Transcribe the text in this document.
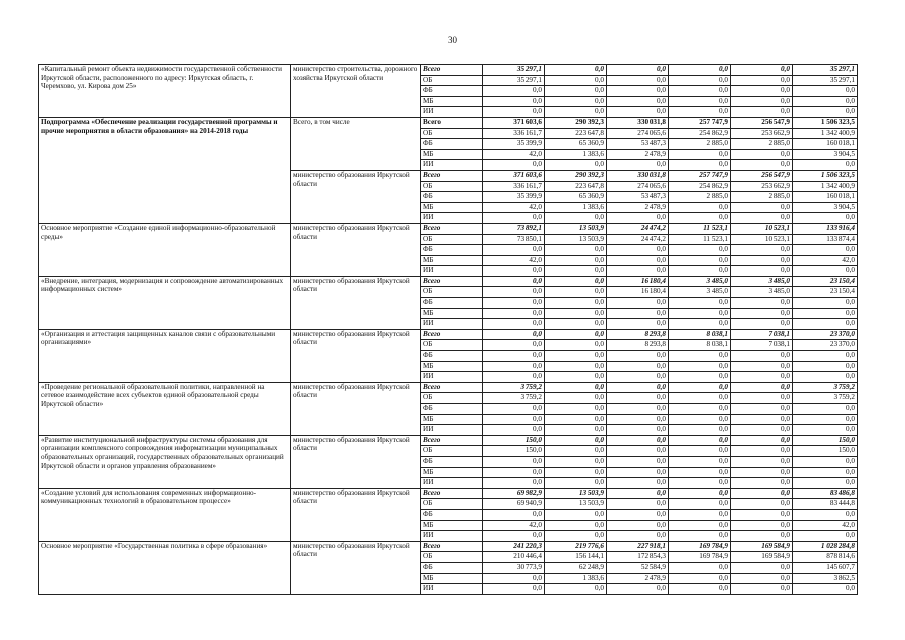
30
«Капитальный ремонт объекта недвижимости государственной собственности Иркутской области, расположенного по адресу: Иркутская область, г. Черемхово, ул. Кирова дом 25»	министерство строительства, дорожного хозяйства Иркутской области	Всего	35 297,1	0,0	0,0	0,0	0,0	35 297,1
		ОБ	35 297,1	0,0	0,0	0,0	0,0	35 297,1
		ФБ	0,0	0,0	0,0	0,0	0,0	0,0
		МБ	0,0	0,0	0,0	0,0	0,0	0,0
		ИИ	0,0	0,0	0,0	0,0	0,0	0,0
Подпрограмма «Обеспечение реализации государственной программы и прочие мероприятия в области образования» на 2014-2018 годы	Всего, в том числе	Всего	371 603,6	290 392,3	330 031,8	257 747,9	256 547,9	1 506 323,5
		ОБ	336 161,7	223 647,8	274 065,6	254 862,9	253 662,9	1 342 400,9
		ФБ	35 399,9	65 360,9	53 487,3	2 885,0	2 885,0	160 018,1
		МБ	42,0	1 383,6	2 478,9	0,0	0,0	3 904,5
		ИИ	0,0	0,0	0,0	0,0	0,0	0,0
	министерство образования Иркутской области	Всего	371 603,6	290 392,3	330 031,8	257 747,9	256 547,9	1 506 323,5
		ОБ	336 161,7	223 647,8	274 065,6	254 862,9	253 662,9	1 342 400,9
		ФБ	35 399,9	65 360,9	53 487,3	2 885,0	2 885,0	160 018,1
		МБ	42,0	1 383,6	2 478,9	0,0	0,0	3 904,5
		ИИ	0,0	0,0	0,0	0,0	0,0	0,0
Основное мероприятие «Создание единой информационно-образовательной среды»	министерство образования Иркутской области	Всего	73 892,1	13 503,9	24 474,2	11 523,1	10 523,1	133 916,4
		ОБ	73 850,1	13 503,9	24 474,2	11 523,1	10 523,1	133 874,4
		ФБ	0,0	0,0	0,0	0,0	0,0	0,0
		МБ	42,0	0,0	0,0	0,0	0,0	42,0
		ИИ	0,0	0,0	0,0	0,0	0,0	0,0
«Внедрение, интеграция, модернизация и сопровождение автоматизированных информационных систем»	министерство образования Иркутской области	Всего	0,0	0,0	16 180,4	3 485,0	3 485,0	23 150,4
		ОБ	0,0	0,0	16 180,4	3 485,0	3 485,0	23 150,4
		ФБ	0,0	0,0	0,0	0,0	0,0	0,0
		МБ	0,0	0,0	0,0	0,0	0,0	0,0
		ИИ	0,0	0,0	0,0	0,0	0,0	0,0
«Организация и аттестация защищенных каналов связи с образовательными организациями»	министерство образования Иркутской области	Всего	0,0	0,0	8 293,8	8 038,1	7 038,1	23 370,0
		ОБ	0,0	0,0	8 293,8	8 038,1	7 038,1	23 370,0
		ФБ	0,0	0,0	0,0	0,0	0,0	0,0
		МБ	0,0	0,0	0,0	0,0	0,0	0,0
		ИИ	0,0	0,0	0,0	0,0	0,0	0,0
«Проведение региональной образовательной политики, направленной на сетевое взаимодействие всех субъектов единой образовательной среды Иркутской области»	министерство образования Иркутской области	Всего	3 759,2	0,0	0,0	0,0	0,0	3 759,2
		ОБ	3 759,2	0,0	0,0	0,0	0,0	3 759,2
		ФБ	0,0	0,0	0,0	0,0	0,0	0,0
		МБ	0,0	0,0	0,0	0,0	0,0	0,0
		ИИ	0,0	0,0	0,0	0,0	0,0	0,0
«Развитие институциональной инфраструктуры системы образования для организации комплексного сопровождения информатизации муниципальных образовательных организаций, государственных образовательных организаций Иркутской области и органов управления образованием»	министерство образования Иркутской области	Всего	150,0	0,0	0,0	0,0	0,0	150,0
		ОБ	150,0	0,0	0,0	0,0	0,0	150,0
		ФБ	0,0	0,0	0,0	0,0	0,0	0,0
		МБ	0,0	0,0	0,0	0,0	0,0	0,0
		ИИ	0,0	0,0	0,0	0,0	0,0	0,0
«Создание условий для использования современных информационно-коммуникационных технологий в образовательном процессе»	министерство образования Иркутской области	Всего	69 982,9	13 503,9	0,0	0,0	0,0	83 486,8
		ОБ	69 940,9	13 503,9	0,0	0,0	0,0	83 444,8
		ФБ	0,0	0,0	0,0	0,0	0,0	0,0
		МБ	42,0	0,0	0,0	0,0	0,0	42,0
		ИИ	0,0	0,0	0,0	0,0	0,0	0,0
Основное мероприятие «Государственная политика в сфере образования»	министерство образования Иркутской области	Всего	241 220,3	219 776,6	227 918,1	169 784,9	169 584,9	1 028 284,8
		ОБ	210 446,4	156 144,1	172 854,3	169 784,9	169 584,9	878 814,6
		ФБ	30 773,9	62 248,9	52 584,9	0,0	0,0	145 607,7
		МБ	0,0	1 383,6	2 478,9	0,0	0,0	3 862,5
		ИИ	0,0	0,0	0,0	0,0	0,0	0,0
